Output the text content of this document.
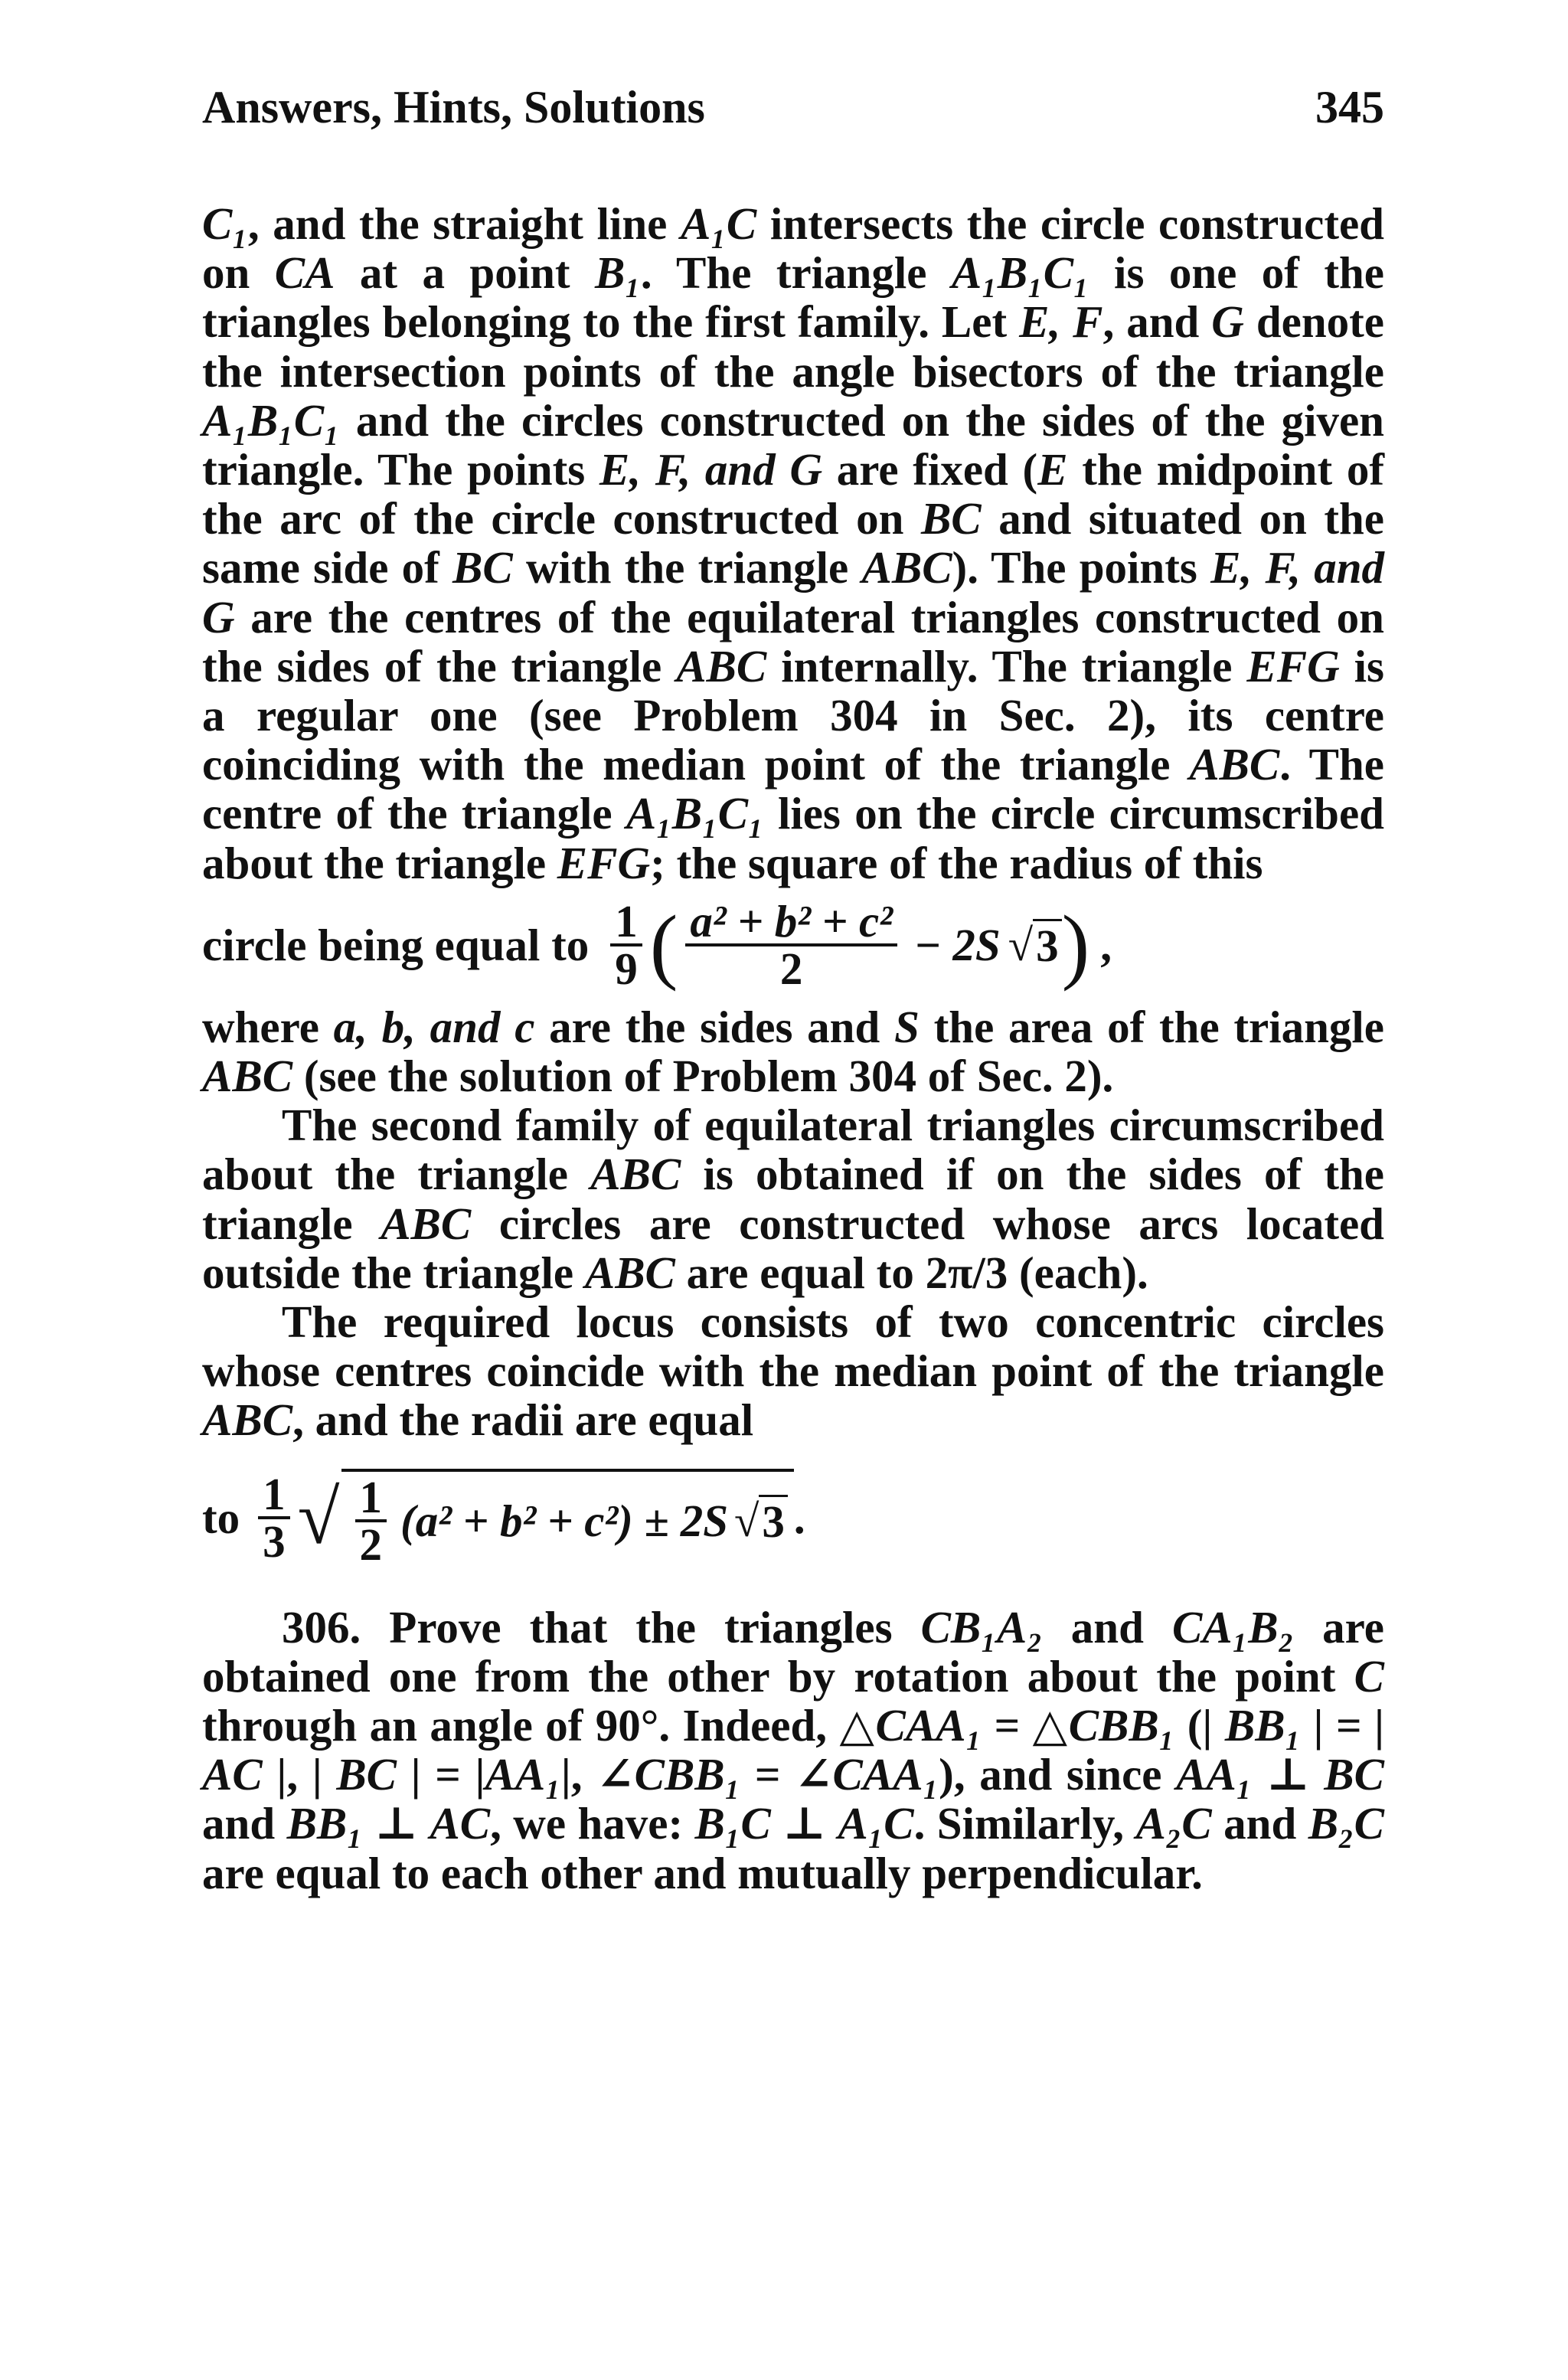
Answers, Hints, Solutions	345

C₁, and the straight line A₁C intersects the circle constructed on CA at a point B₁. The triangle A₁B₁C₁ is one of the triangles belonging to the first family. Let E, F, and G denote the intersection points of the angle bisectors of the triangle A₁B₁C₁ and the circles constructed on the sides of the given triangle. The points E, F, and G are fixed (E the midpoint of the arc of the circle constructed on BC and situated on the same side of BC with the triangle ABC). The points E, F, and G are the centres of the equilateral triangles constructed on the sides of the triangle ABC internally. The triangle EFG is a regular one (see Problem 304 in Sec. 2), its centre coinciding with the median point of the triangle ABC. The centre of the triangle A₁B₁C₁ lies on the circle circumscribed about the triangle EFG; the square of the radius of this

circle being equal to $\frac{1}{9}$ ( $\frac{\text{a² + b² + c²}}{2} - 2S$ √ 3 ) ,

where a, b, and c are the sides and S the area of the triangle ABC (see the solution of Problem 304 of Sec. 2).

The second family of equilateral triangles circumscribed about the triangle ABC is obtained if on the sides of the triangle ABC circles are constructed whose arcs located outside the triangle ABC are equal to 2π/3 (each).

The required locus consists of two concentric circles whose centres coincide with the median point of the triangle ABC, and the radii are equal

to $\frac{1}{3}$ √ $\frac{1}{2} (a^2 + b^2 + c^2) \pm 2S$ √ 3 .

306. Prove that the triangles CB₁A₂ and CA₁B₂ are obtained one from the other by rotation about the point C through an angle of 90°. Indeed, △CAA₁ = △CBB₁ (| BB₁ | = | AC |, | BC | = |AA₁|, ∠CBB₁ = ∠CAA₁), and since AA₁ ⊥ BC and BB₁ ⊥ AC, we have: B₁C ⊥ A₁C. Similarly, A₂C and B₂C are equal to each other and mutually perpendicular.
